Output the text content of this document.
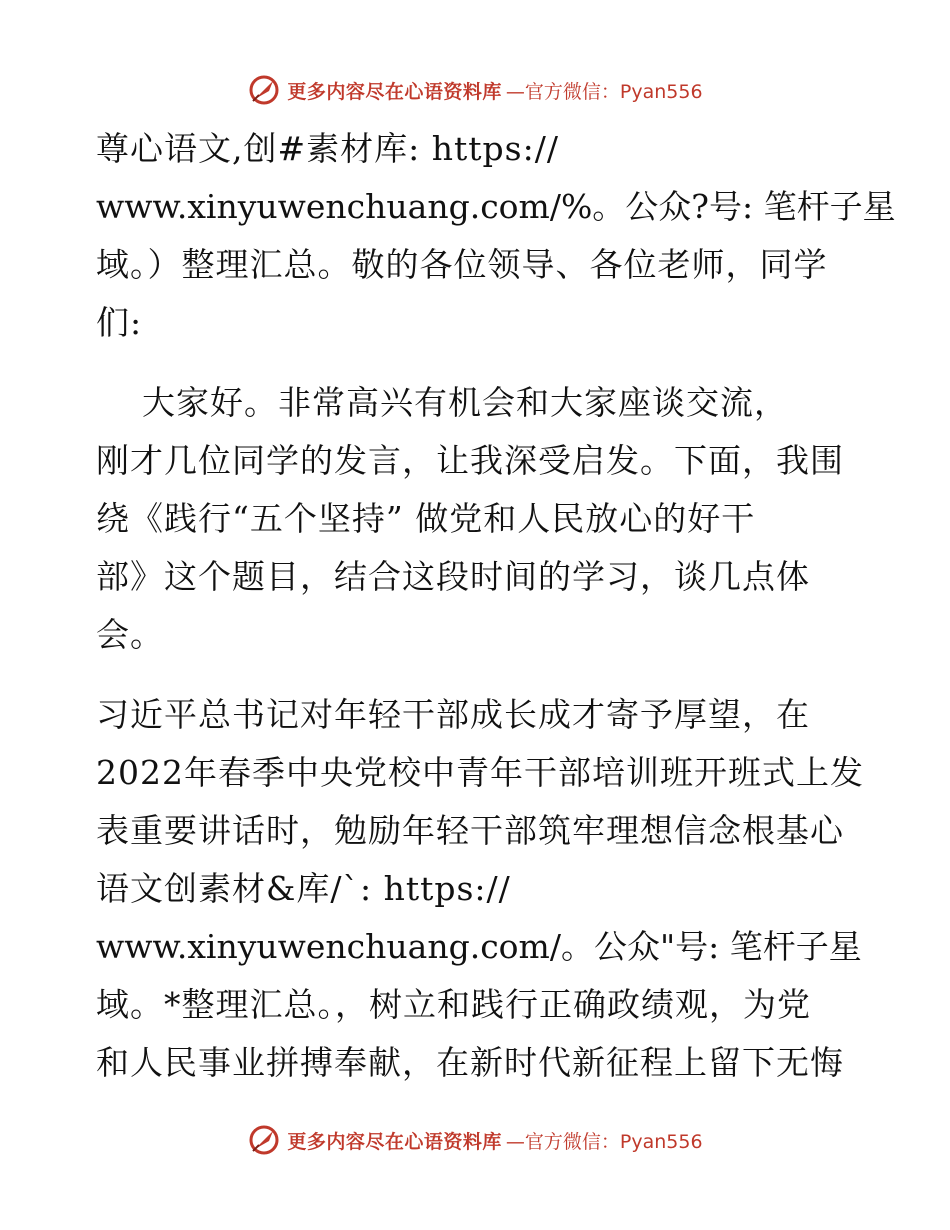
更多内容尽在心语资料库 —官方微信：Pyan556
尊心语文,创#素材库: https://
www.xinyuwenchuang.com/%。公众?号: 笔杆子星
域。）整理汇总。敬的各位领导、各位老师，同学
们:
大家好。非常高兴有机会和大家座谈交流，
刚才几位同学的发言，让我深受启发。下面，我围
绕《践行“五个坚持” 做党和人民放心的好干
部》这个题目，结合这段时间的学习，谈几点体
会。
习近平总书记对年轻干部成长成才寄予厚望，在
2022年春季中央党校中青年干部培训班开班式上发
表重要讲话时，勉励年轻干部筑牢理想信念根基心
语文创素材&库/`: https://
www.xinyuwenchuang.com/。公众"号: 笔杆子星
域。*整理汇总。，树立和践行正确政绩观，为党
和人民事业拼搏奉献，在新时代新征程上留下无悔
更多内容尽在心语资料库 —官方微信：Pyan556
